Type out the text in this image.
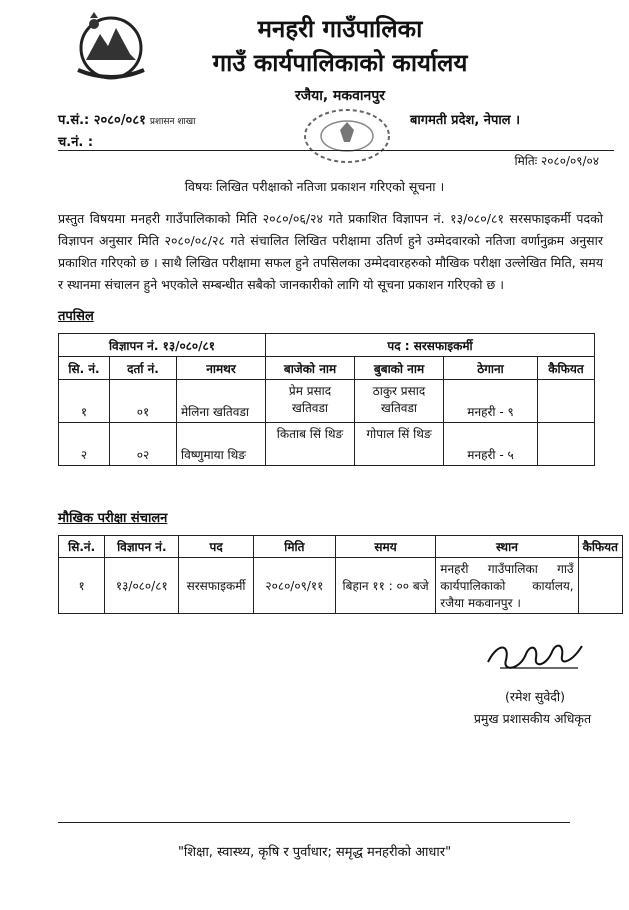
मनहरी गाउँपालिका
गाउँ कार्यपालिकाको कार्यालय
रजैया, मकवानपुर
प.सं.: २०८०/०८१ प्रशासन शाखा
च.नं. :
बागमती प्रदेश, नेपाल ।
मितिः २०८०/०९/०४
विषयः लिखित परीक्षाको नतिजा प्रकाशन गरिएको सूचना ।
प्रस्तुत विषयमा मनहरी गाउँपालिकाको मिति २०८०/०६/२४ गते प्रकाशित विज्ञापन नं. १३/०८०/८१ सरसफाइकर्मी पदको विज्ञापन अनुसार मिति २०८०/०८/२८ गते संचालित लिखित परीक्षामा उतिर्ण हुने उम्मेदवारको नतिजा वर्णानुक्रम अनुसार प्रकाशित गरिएको छ । साथै लिखित परीक्षामा सफल हुने तपसिलका उम्मेदवारहरुको मौखिक परीक्षा उल्लेखित मिति, समय र स्थानमा संचालन हुने भएकोले सम्बन्धीत सबैको जानकारीको लागि यो सूचना प्रकाशन गरिएको छ ।
तपसिल
विज्ञापन नं. १३/०८०/८१			पद : सरसफाइकर्मी			
सि. नं.	दर्ता नं.	नामथर	बाजेको नाम	बुबाको नाम	ठेगाना	कैफियत
१	०१	मेलिना खतिवडा	प्रेम प्रसाद खतिवडा	ठाकुर प्रसाद खतिवडा	मनहरी - ९	
२	०२	विष्णुमाया थिङ	किताब सिं थिङ	गोपाल सिं थिङ	मनहरी - ५	
मौखिक परीक्षा संचालन
सि.नं.	विज्ञापन नं.	पद	मिति	समय	स्थान	कैफियत
१	१३/०८०/८१	सरसफाइकर्मी	२०८०/०९/११	बिहान ११ : ०० बजे	मनहरी गाउँपालिका गाउँ कार्यपालिकाको कार्यालय, रजैया मकवानपुर ।	
(रमेश सुवेदी)
प्रमुख प्रशासकीय अधिकृत
"शिक्षा, स्वास्थ्य, कृषि र पुर्वाधार; समृद्ध मनहरीको आधार"
